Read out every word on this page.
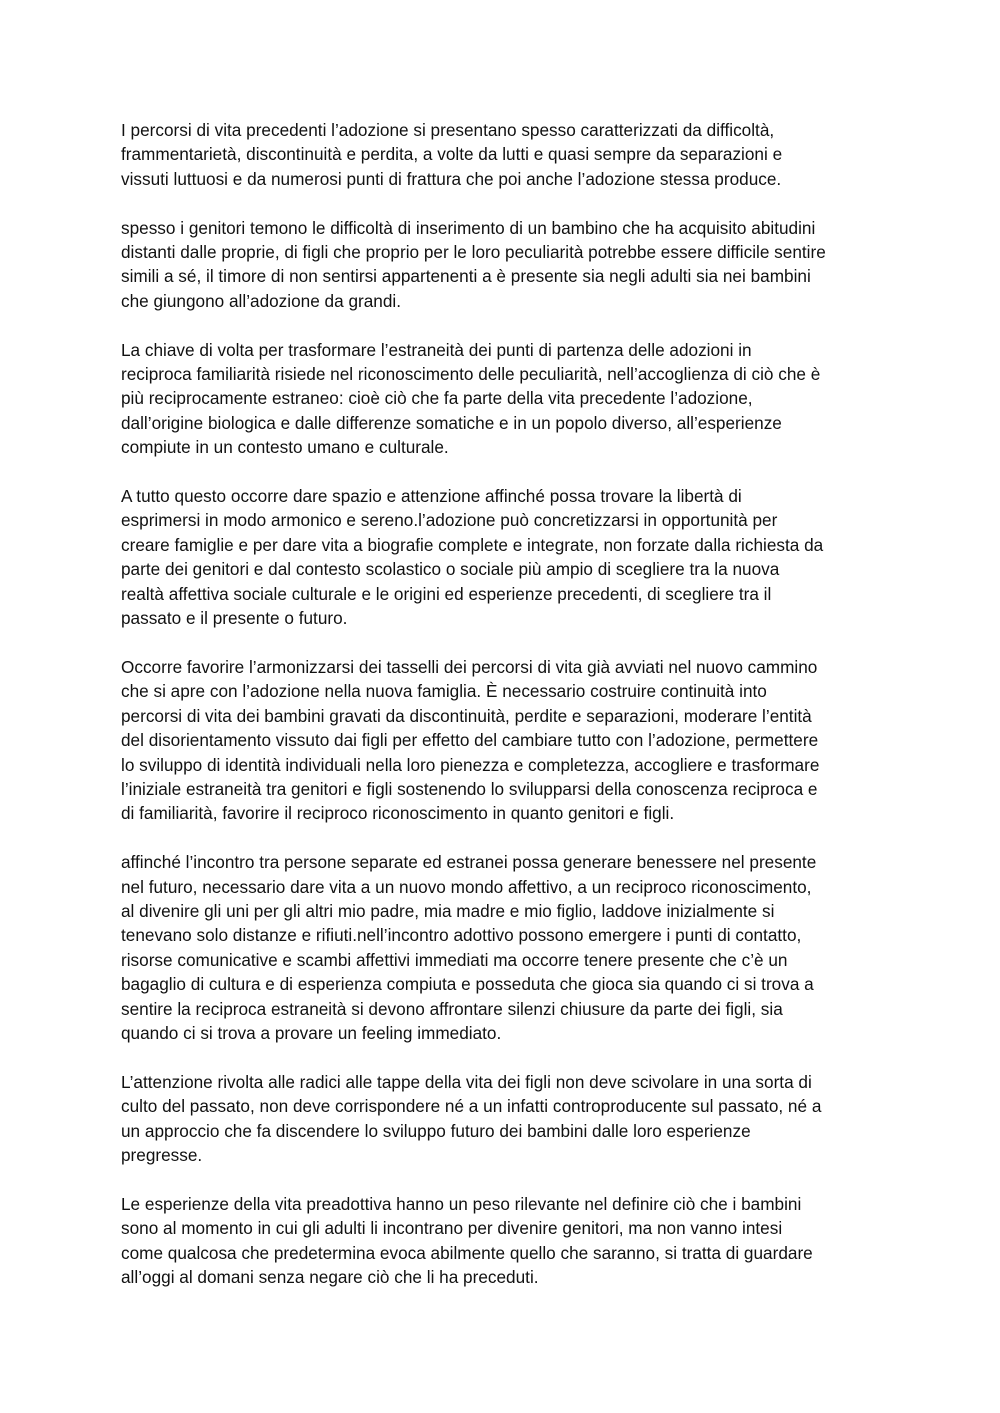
I percorsi di vita precedenti l’adozione si presentano spesso caratterizzati da difficoltà,
frammentarietà, discontinuità e perdita, a volte da lutti e quasi sempre da separazioni e
vissuti luttuosi e da numerosi punti di frattura che poi anche l’adozione stessa produce.

spesso i genitori temono le difficoltà di inserimento di un bambino che ha acquisito abitudini
distanti dalle proprie, di figli che proprio per le loro peculiarità potrebbe essere difficile sentire
simili a sé, il timore di non sentirsi appartenenti a è presente sia negli adulti sia nei bambini
che giungono all’adozione da grandi.

La chiave di volta per trasformare l’estraneità dei punti di partenza delle adozioni in
reciproca familiarità risiede nel riconoscimento delle peculiarità, nell’accoglienza di ciò che è
più reciprocamente estraneo: cioè ciò che fa parte della vita precedente l’adozione,
dall’origine biologica e dalle differenze somatiche e in un popolo diverso, all’esperienze
compiute in un contesto umano e culturale.

A tutto questo occorre dare spazio e attenzione affinché possa trovare la libertà di
esprimersi in modo armonico e sereno.l’adozione può concretizzarsi in opportunità per
creare famiglie e per dare vita a biografie complete e integrate, non forzate dalla richiesta da
parte dei genitori e dal contesto scolastico o sociale più ampio di scegliere tra la nuova
realtà affettiva sociale culturale e le origini ed esperienze precedenti, di scegliere tra il
passato e il presente o futuro.

Occorre favorire l’armonizzarsi dei tasselli dei percorsi di vita già avviati nel nuovo cammino
che si apre con l’adozione nella nuova famiglia. È necessario costruire continuità into
percorsi di vita dei bambini gravati da discontinuità, perdite e separazioni, moderare l’entità
del disorientamento vissuto dai figli per effetto del cambiare tutto con l’adozione, permettere
lo sviluppo di identità individuali nella loro pienezza e completezza, accogliere e trasformare
l’iniziale estraneità tra genitori e figli sostenendo lo svilupparsi della conoscenza reciproca e
di familiarità, favorire il reciproco riconoscimento in quanto genitori e figli.

affinché l’incontro tra persone separate ed estranei possa generare benessere nel presente
nel futuro, necessario dare vita a un nuovo mondo affettivo, a un reciproco riconoscimento,
al divenire gli uni per gli altri mio padre, mia madre e mio figlio, laddove inizialmente si
tenevano solo distanze e rifiuti.nell’incontro adottivo possono emergere i punti di contatto,
risorse comunicative e scambi affettivi immediati ma occorre tenere presente che c’è un
bagaglio di cultura e di esperienza compiuta e posseduta che gioca sia quando ci si trova a
sentire la reciproca estraneità si devono affrontare silenzi chiusure da parte dei figli, sia
quando ci si trova a provare un feeling immediato.

L’attenzione rivolta alle radici alle tappe della vita dei figli non deve scivolare in una sorta di
culto del passato, non deve corrispondere né a un infatti controproducente sul passato, né a
un approccio che fa discendere lo sviluppo futuro dei bambini dalle loro esperienze
pregresse.

Le esperienze della vita preadottiva hanno un peso rilevante nel definire ciò che i bambini
sono al momento in cui gli adulti li incontrano per divenire genitori, ma non vanno intesi
come qualcosa che predetermina evoca abilmente quello che saranno, si tratta di guardare
all’oggi al domani senza negare ciò che li ha preceduti.
